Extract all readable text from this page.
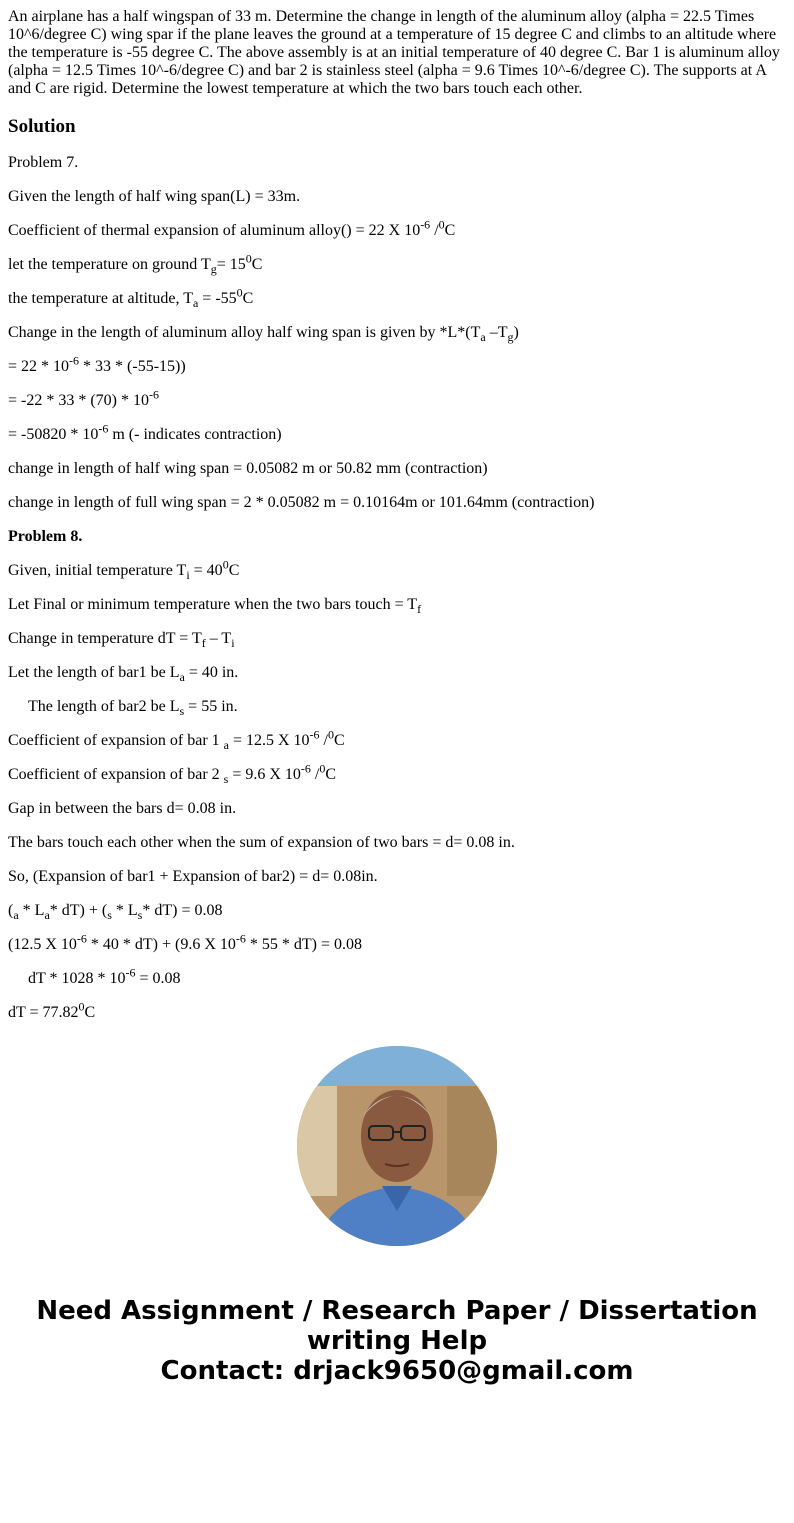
An airplane has a half wingspan of 33 m. Determine the change in length of the aluminum alloy (alpha = 22.5 Times 10^6/degree C) wing spar if the plane leaves the ground at a temperature of 15 degree C and climbs to an altitude where the temperature is -55 degree C. The above assembly is at an initial temperature of 40 degree C. Bar 1 is aluminum alloy (alpha = 12.5 Times 10^-6/degree C) and bar 2 is stainless steel (alpha = 9.6 Times 10^-6/degree C). The supports at A and C are rigid. Determine the lowest temperature at which the two bars touch each other.
Solution

Problem 7.

Given the length of half wing span(L) = 33m.

Coefficient of thermal expansion of aluminum alloy() = 22 X $10^{-6}$ /$^0$C

let the temperature on ground $T_g= 15^0C$

the temperature at altitude, $T_a = -55^0C$

Change in the length of aluminum alloy half wing span is given by $*L*(T_a$ $-T_g$)

= $22 * 10^{-6} * 33 * (-55-15)$)

= $-22 * 33 * (70) * 10^{-6}$

= $-50820 * 10^{-6}$ m (- indicates contraction)

change in length of half wing span = 0.05082 m or 50.82 mm (contraction)

change in length of full wing span = 2 * 0.05082 m = 0.10164m or 101.64mm (contraction)

Problem 8.

Given, initial temperature $T_i = 40^0C$

Let Final or minimum temperature when the two bars touch = $T_f$

Change in temperature dT = $T_f - T_i$

Let the length of bar1 be $L_a = 40$ in.

The length of bar2 be $L_s = 55$ in.

Coefficient of expansion of bar 1 $_a$ = 12.5 X $10^{-6}$ /$^0$C

Coefficient of expansion of bar 2 $_s$ = 9.6 X $10^{-6}$ /$^0$C

Gap in between the bars d= 0.08 in.

The bars touch each other when the sum of expansion of two bars = d= 0.08 in.

So, (Expansion of bar1 + Expansion of bar2) = d= 0.08in.

($_a * L_a*$ $dT) + (_s * L_s*$ dT) = 0.08

(12.5 X $10^{-6} * 40 * dT) + (9.6$ X $10^{-6} * 55 * dT) = 0.08$

dT * $1028 * 10^{-6} = 0.08$

dT = $77.82^0C$

Need Assignment / Research Paper / Dissertation writing Help
Contact: drjack9650@gmail.com
